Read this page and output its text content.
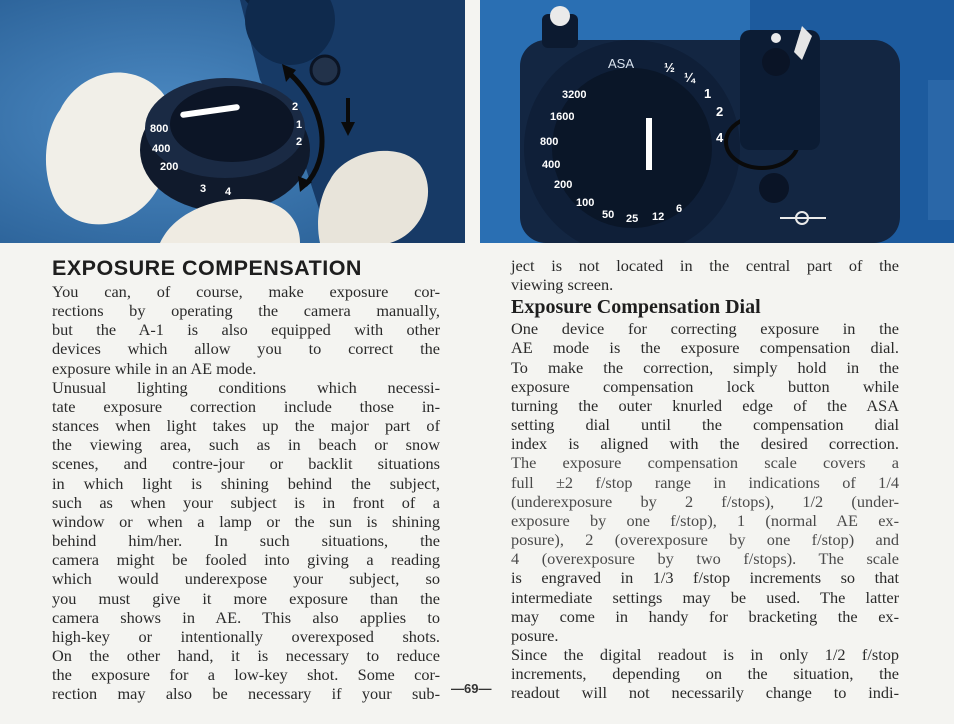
800
400
200
2
1
2
3 4
ASA
3200
1600
800
400
200
100
50 25 12
6
½
¼
1
2
4
EXPOSURE COMPENSATION
You can, of course, make exposure cor-
rections by operating the camera manually,
but the A-1 is also equipped with other
devices which allow you to correct the
exposure while in an AE mode.
Unusual lighting conditions which necessi-
tate exposure correction include those in-
stances when light takes up the major part of
the viewing area, such as in beach or snow
scenes, and contre-jour or backlit situations
in which light is shining behind the subject,
such as when your subject is in front of a
window or when a lamp or the sun is shining
behind him/her. In such situations, the
camera might be fooled into giving a reading
which would underexpose your subject, so
you must give it more exposure than the
camera shows in AE. This also applies to
high-key or intentionally overexposed shots.
On the other hand, it is necessary to reduce
the exposure for a low-key shot. Some cor-
rection may also be necessary if your sub- —69—
ject is not located in the central part of the
viewing screen.
Exposure Compensation Dial
One device for correcting exposure in the
AE mode is the exposure compensation dial.
To make the correction, simply hold in the
exposure compensation lock button while
turning the outer knurled edge of the ASA
setting dial until the compensation dial
index is aligned with the desired correction.
The exposure compensation scale covers a
full ±2 f/stop range in indications of 1/4
(underexposure by 2 f/stops), 1/2 (under-
exposure by one f/stop), 1 (normal AE ex-
posure), 2 (overexposure by one f/stop) and
4 (overexposure by two f/stops). The scale
is engraved in 1/3 f/stop increments so that
intermediate settings may be used. The latter
may come in handy for bracketing the ex-
posure.
Since the digital readout is in only 1/2 f/stop
increments, depending on the situation, the
readout will not necessarily change to indi-
